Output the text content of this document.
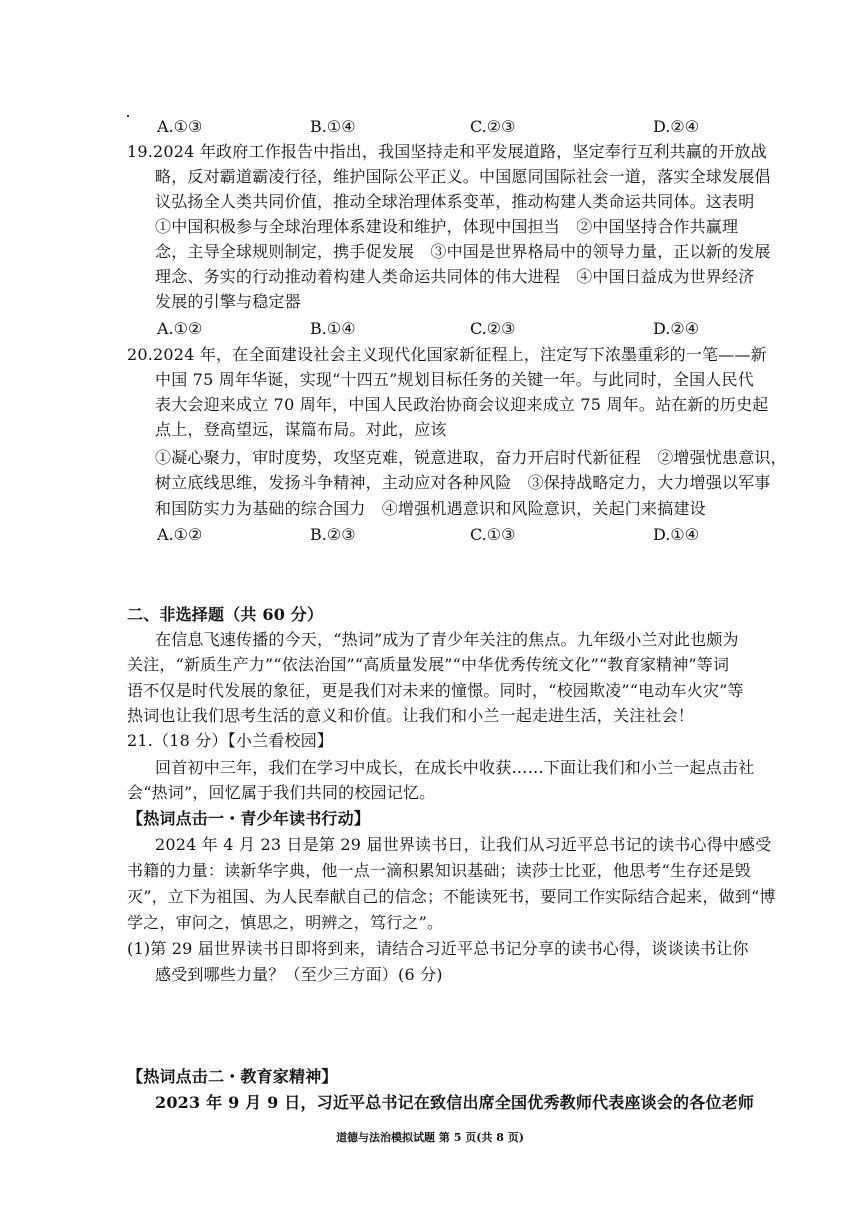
A.①③	B.①④	C.②③	D.②④
19.2024 年政府工作报告中指出，我国坚持走和平发展道路，坚定奉行互利共赢的开放战
略，反对霸道霸凌行径，维护国际公平正义。中国愿同国际社会一道，落实全球发展倡
议弘扬全人类共同价值，推动全球治理体系变革，推动构建人类命运共同体。这表明
①中国积极参与全球治理体系建设和维护，体现中国担当　②中国坚持合作共赢理
念，主导全球规则制定，携手促发展　③中国是世界格局中的领导力量，正以新的发展
理念、务实的行动推动着构建人类命运共同体的伟大进程　④中国日益成为世界经济
发展的引擎与稳定器
A.①②	B.①④	C.②③	D.②④
20.2024 年，在全面建设社会主义现代化国家新征程上，注定写下浓墨重彩的一笔——新
中国 75 周年华诞，实现“十四五”规划目标任务的关键一年。与此同时，全国人民代
表大会迎来成立 70 周年，中国人民政治协商会议迎来成立 75 周年。站在新的历史起
点上，登高望远，谋篇布局。对此，应该
①凝心聚力，审时度势，攻坚克难，锐意进取，奋力开启时代新征程　②增强忧患意识，
树立底线思维，发扬斗争精神，主动应对各种风险　③保持战略定力，大力增强以军事
和国防实力为基础的综合国力　④增强机遇意识和风险意识，关起门来搞建设
A.①②	B.②③	C.①③	D.①④
二、非选择题（共 60 分）
在信息飞速传播的今天，“热词”成为了青少年关注的焦点。九年级小兰对此也颇为
关注，“新质生产力”“依法治国”“高质量发展”“中华优秀传统文化”“教育家精神”等词
语不仅是时代发展的象征，更是我们对未来的憧憬。同时，“校园欺凌”“电动车火灾”等
热词也让我们思考生活的意义和价值。让我们和小兰一起走进生活，关注社会！
21.（18 分）【小兰看校园】
回首初中三年，我们在学习中成长，在成长中收获……下面让我们和小兰一起点击社
会“热词”，回忆属于我们共同的校园记忆。
【热词点击一・青少年读书行动】
2024 年 4 月 23 日是第 29 届世界读书日，让我们从习近平总书记的读书心得中感受
书籍的力量：读新华字典，他一点一滴积累知识基础；读莎士比亚，他思考“生存还是毁
灭”，立下为祖国、为人民奉献自己的信念；不能读死书，要同工作实际结合起来，做到“博
学之，审问之，慎思之，明辨之，笃行之”。
(1)第 29 届世界读书日即将到来，请结合习近平总书记分享的读书心得，谈谈读书让你
感受到哪些力量？（至少三方面）(6 分)
【热词点击二・教育家精神】
2023 年 9 月 9 日，习近平总书记在致信出席全国优秀教师代表座谈会的各位老师
道德与法治模拟试题 第 5 页(共 8 页)
